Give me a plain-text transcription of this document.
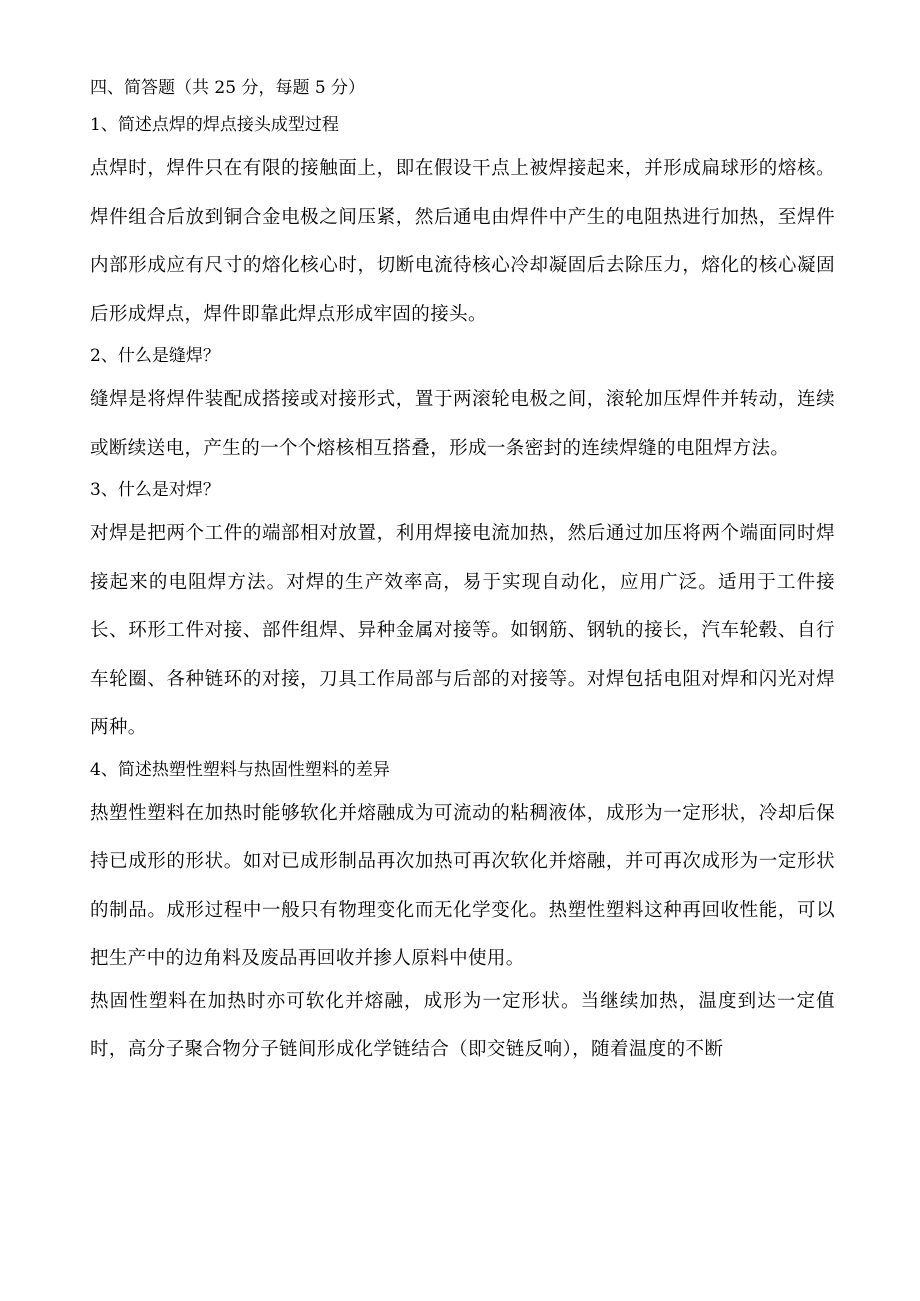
四、简答题（共 25 分，每题 5 分）
1、简述点焊的焊点接头成型过程

点焊时，焊件只在有限的接触面上，即在假设干点上被焊接起来，并形成扁球形的熔核。焊件组合后放到铜合金电极之间压紧，然后通电由焊件中产生的电阻热进行加热，至焊件内部形成应有尺寸的熔化核心时，切断电流待核心冷却凝固后去除压力，熔化的核心凝固后形成焊点，焊件即靠此焊点形成牢固的接头。

2、什么是缝焊？

缝焊是将焊件装配成搭接或对接形式，置于两滚轮电极之间，滚轮加压焊件并转动，连续或断续送电，产生的一个个熔核相互搭叠，形成一条密封的连续焊缝的电阻焊方法。

3、什么是对焊？

对焊是把两个工件的端部相对放置，利用焊接电流加热，然后通过加压将两个端面同时焊接起来的电阻焊方法。对焊的生产效率高，易于实现自动化，应用广泛。适用于工件接长、环形工件对接、部件组焊、异种金属对接等。如钢筋、钢轨的接长，汽车轮毂、自行车轮圈、各种链环的对接，刀具工作局部与后部的对接等。对焊包括电阻对焊和闪光对焊两种。

4、简述热塑性塑料与热固性塑料的差异

热塑性塑料在加热时能够软化并熔融成为可流动的粘稠液体，成形为一定形状，冷却后保持已成形的形状。如对已成形制品再次加热可再次软化并熔融，并可再次成形为一定形状的制品。成形过程中一般只有物理变化而无化学变化。热塑性塑料这种再回收性能，可以把生产中的边角料及废品再回收并掺人原料中使用。

热固性塑料在加热时亦可软化并熔融，成形为一定形状。当继续加热，温度到达一定值时，高分子聚合物分子链间形成化学链结合（即交链反响），随着温度的不断
